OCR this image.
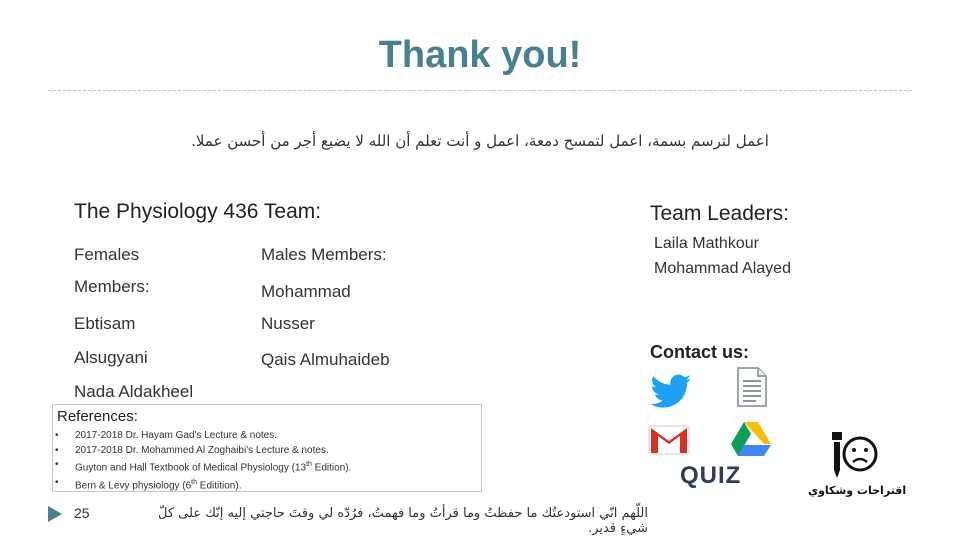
Thank you!
اعمل لترسم بسمة، اعمل لتمسح دمعة، اعمل و أنت تعلم أن الله لا يضيع أجر من أحسن عملا.
The Physiology 436 Team:
Females
Members:
Ebtisam
Alsugyani
Nada Aldakheel
Males Members:
Mohammad
Nusser
Qais Almuhaideb
Team Leaders:
Laila Mathkour
Mohammad Alayed
Contact us:
QUIZ
اقتراحات وشكاوي
References:
• 2017-2018 Dr. Hayam Gad's Lecture & notes.
• 2017-2018 Dr. Mohammed Al Zoghaibi's Lecture & notes.
• Guyton and Hall Textbook of Medical Physiology (13th Edition).
• Bern & Levy physiology (6th Editition).
25	اللّهم انّي استودعتُك ما حفظتُ وما قرأتُ وما فهمتُ، فرُدّه لي وقتَ حاجتي إليه إنّك على كلّ شيءٍ قدير.
